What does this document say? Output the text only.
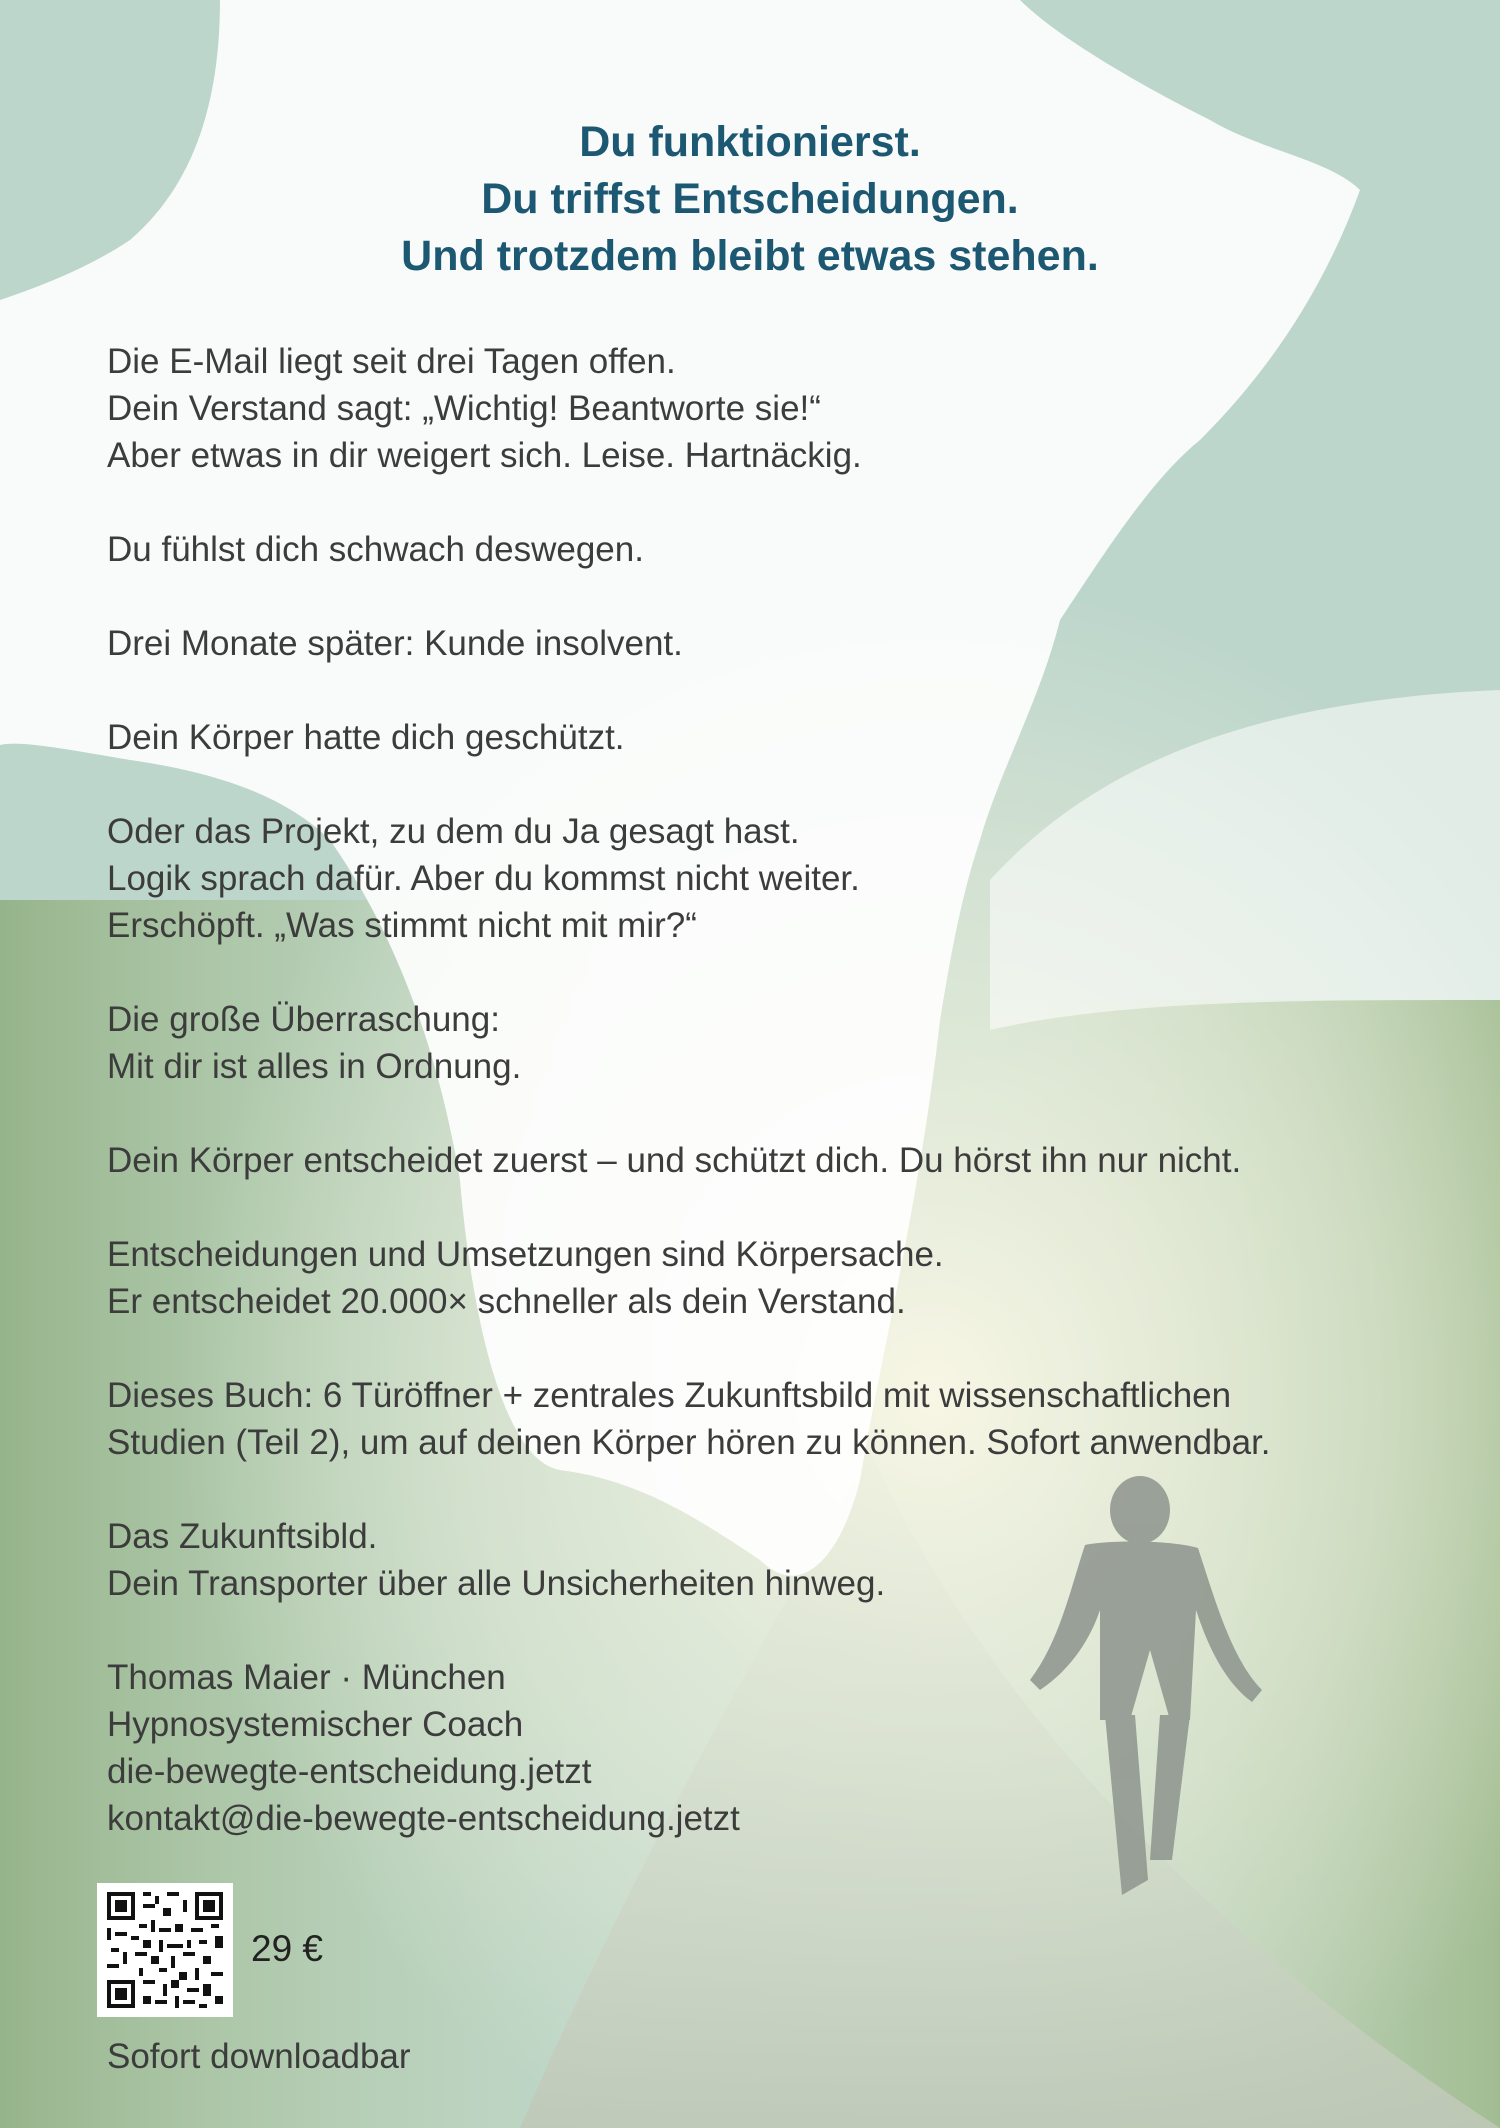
Du funktionierst.
Du triffst Entscheidungen.
Und trotzdem bleibt etwas stehen.
Die E-Mail liegt seit drei Tagen offen.
Dein Verstand sagt: „Wichtig! Beantworte sie!“
Aber etwas in dir weigert sich. Leise. Hartnäckig.
Du fühlst dich schwach deswegen.
Drei Monate später: Kunde insolvent.
Dein Körper hatte dich geschützt.
Oder das Projekt, zu dem du Ja gesagt hast.
Logik sprach dafür. Aber du kommst nicht weiter.
Erschöpft. „Was stimmt nicht mit mir?“
Die große Überraschung:
Mit dir ist alles in Ordnung.
Dein Körper entscheidet zuerst – und schützt dich. Du hörst ihn nur nicht.
Entscheidungen und Umsetzungen sind Körpersache.
Er entscheidet 20.000× schneller als dein Verstand.
Dieses Buch: 6 Türöffner + zentrales Zukunftsbild mit wissenschaftlichen
Studien (Teil 2), um auf deinen Körper hören zu können. Sofort anwendbar.
Das Zukunftsibld.
Dein Transporter über alle Unsicherheiten hinweg.
Thomas Maier · München
Hypnosystemischer Coach
die-bewegte-entscheidung.jetzt
kontakt@die-bewegte-entscheidung.jetzt
29 €
Sofort downloadbar
